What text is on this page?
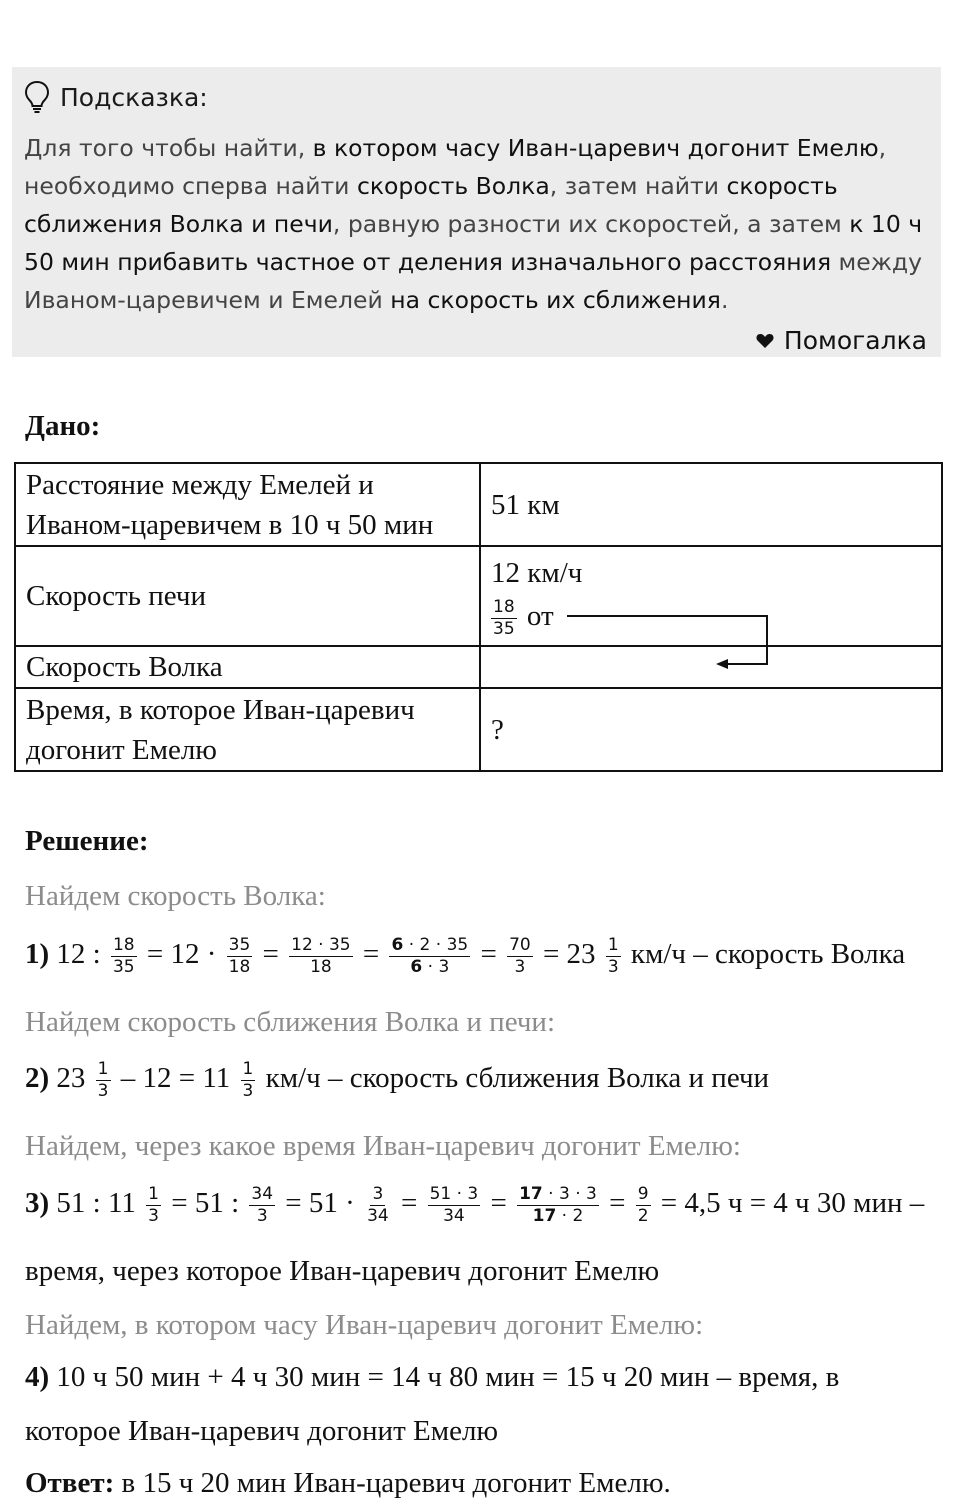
Подсказка:
Для того чтобы найти, в котором часу Иван-царевич догонит Емелю, необходимо сперва найти скорость Волка, затем найти скорость сближения Волка и печи, равную разности их скоростей, а затем к 10 ч 50 мин прибавить частное от деления изначального расстояния между Иваном-царевичем и Емелей на скорость их сближения.
Помогалка
Дано:
Расстояние между Емелей и
Иваном-царевичем в 10 ч 50 мин	51 км
Скорость печи	12 км/ч
$\frac{18}{35}$ от

Скорость Волка	
Время, в которое Иван-царевич
догонит Емелю	?
Решение:
Найдем скорость Волка:
1) 12 : $\frac{18}{35} = 12 \cdot \frac{35}{18} = \frac{12 \cdot 35}{18} = \frac{6 \cdot 2 \cdot 35}{6 \cdot 3} = \frac{70}{3} = 23 \frac{1}{3} км/ч$ – скорость Волка
Найдем скорость сближения Волка и печи:
2) $23 \frac{1}{3} - 12 = 11 \frac{1}{3} км/ч$ – скорость сближения Волка и печи
Найдем, через какое время Иван-царевич догонит Емелю:
3) 51 : $11 \frac{1}{3} = 51$ : $\frac{34}{3} = 51 \cdot \frac{3}{34} = \frac{51 \cdot 3}{34} = \frac{17 \cdot 3 \cdot 3}{17 \cdot 2} = \frac{9}{2} = 4,5$ ч = 4 ч 30 мин –
время, через которое Иван-царевич догонит Емелю
Найдем, в котором часу Иван-царевич догонит Емелю:
4) 10 ч 50 мин + 4 ч 30 мин = 14 ч 80 мин = 15 ч 20 мин – время, в
которое Иван-царевич догонит Емелю
Ответ: в 15 ч 20 мин Иван-царевич догонит Емелю.
